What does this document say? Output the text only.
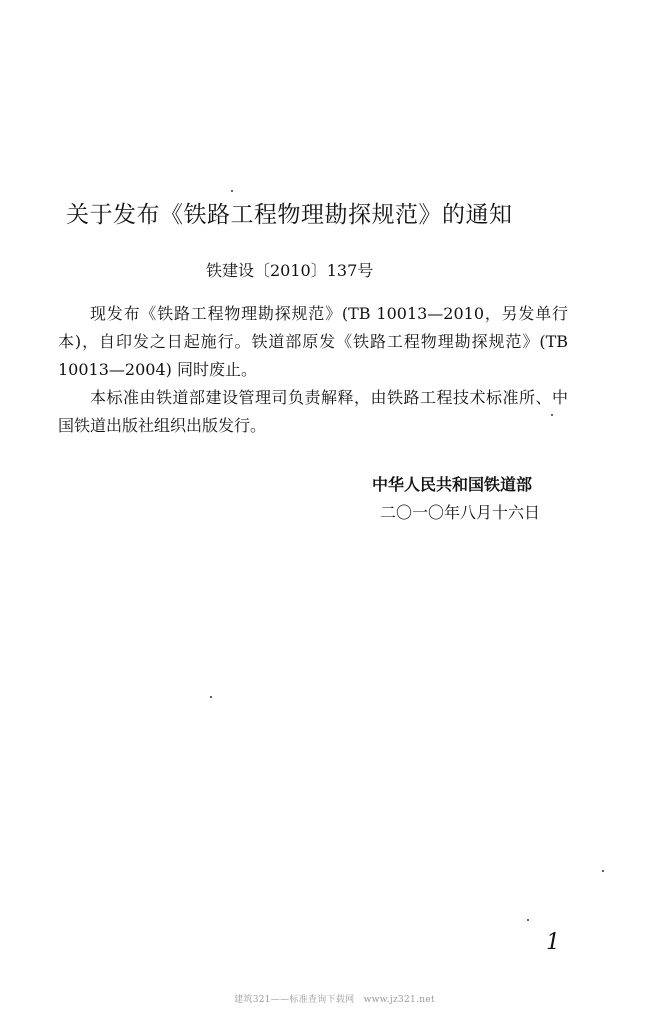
关于发布《铁路工程物理勘探规范》的通知
铁建设〔2010〕137号

现发布《铁路工程物理勘探规范》(TB 10013—2010，另发单行本)，自印发之日起施行。铁道部原发《铁路工程物理勘探规范》(TB 10013—2004) 同时废止。

本标准由铁道部建设管理司负责解释，由铁路工程技术标准所、中国铁道出版社组织出版发行。

中华人民共和国铁道部
二〇一〇年八月十六日
1
建筑321——标准查询下载网　www.jz321.net
